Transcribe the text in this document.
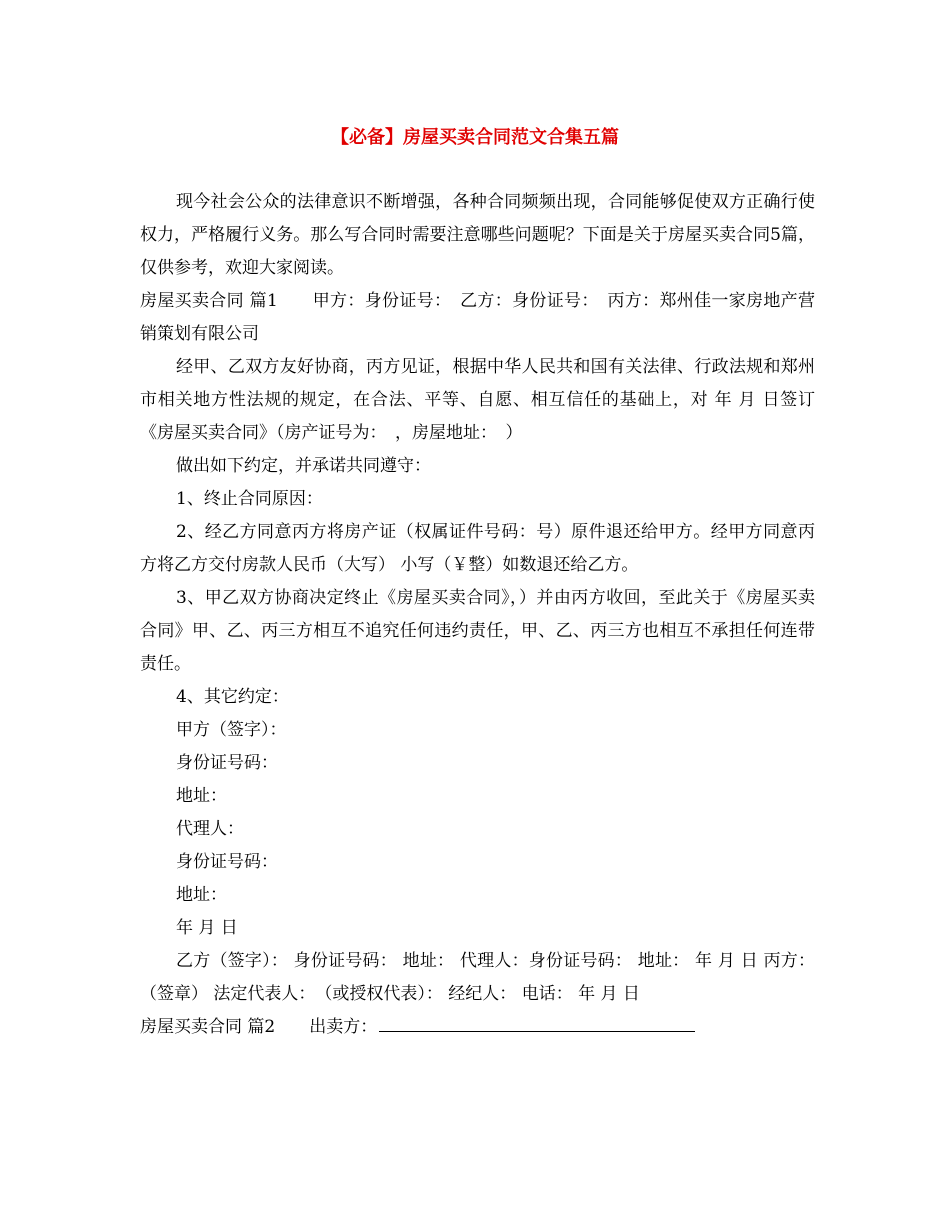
【必备】房屋买卖合同范文合集五篇

现今社会公众的法律意识不断增强，各种合同频频出现，合同能够促使双方正确行使权力，严格履行义务。那么写合同时需要注意哪些问题呢？下面是关于房屋买卖合同5篇，仅供参考，欢迎大家阅读。

房屋买卖合同 篇1　　甲方：身份证号：　乙方：身份证号：　丙方：郑州佳一家房地产营销策划有限公司

经甲、乙双方友好协商，丙方见证，根据中华人民共和国有关法律、行政法规和郑州市相关地方性法规的规定，在合法、平等、自愿、相互信任的基础上，对 年 月 日签订《房屋买卖合同》（房产证号为：　，房屋地址：　）

做出如下约定，并承诺共同遵守：

1、终止合同原因：

2、经乙方同意丙方将房产证（权属证件号码：号）原件退还给甲方。经甲方同意丙方将乙方交付房款人民币（大写） 小写（￥整）如数退还给乙方。

3、甲乙双方协商决定终止《房屋买卖合同》，）并由丙方收回，至此关于《房屋买卖合同》甲、乙、丙三方相互不追究任何违约责任，甲、乙、丙三方也相互不承担任何连带责任。

4、其它约定：

甲方（签字）：

身份证号码：

地址：

代理人：

身份证号码：

地址：

年 月 日

乙方（签字）： 身份证号码： 地址： 代理人：身份证号码： 地址： 年 月 日 丙方：（签章） 法定代表人：　（或授权代表）： 经纪人： 电话： 年 月 日

房屋买卖合同 篇2　　出卖方：
